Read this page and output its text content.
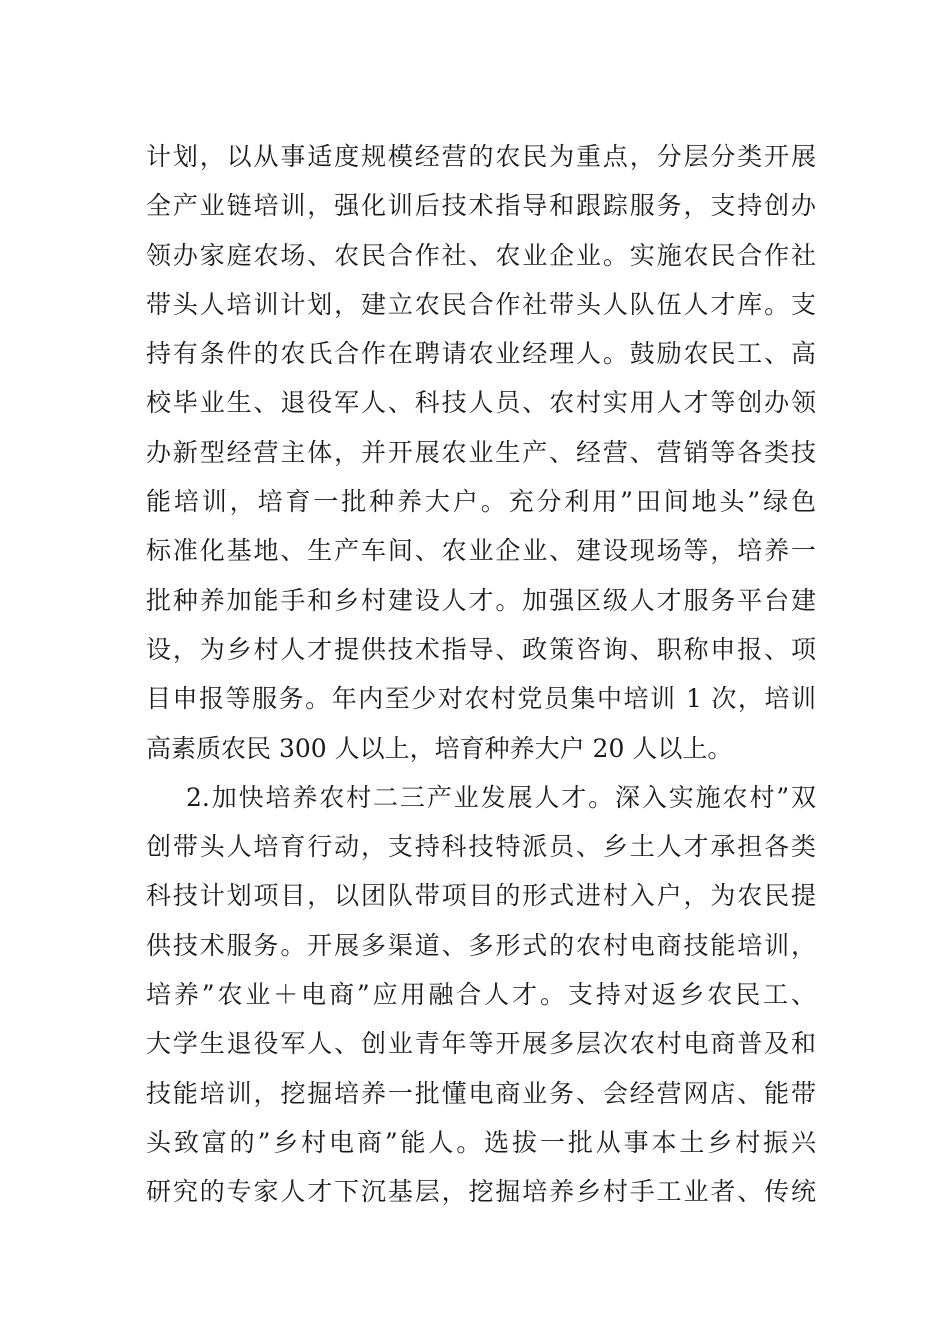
计划，以从事适度规模经营的农民为重点，分层分类开展
全产业链培训，强化训后技术指导和跟踪服务，支持创办
领办家庭农场、农民合作社、农业企业。实施农民合作社
带头人培训计划，建立农民合作社带头人队伍人才库。支
持有条件的农氏合作在聘请农业经理人。鼓励农民工、高
校毕业生、退役军人、科技人员、农村实用人才等创办领
办新型经营主体，并开展农业生产、经营、营销等各类技
能培训，培育一批种养大户。充分利用”田间地头”绿色
标准化基地、生产车间、农业企业、建设现场等，培养一
批种养加能手和乡村建设人才。加强区级人才服务平台建
设，为乡村人才提供技术指导、政策咨询、职称申报、项
目申报等服务。年内至少对农村党员集中培训 1 次，培训
高素质农民 300 人以上，培育种养大户 20 人以上。
2.加快培养农村二三产业发展人才。深入实施农村”双
创带头人培育行动，支持科技特派员、乡土人才承担各类
科技计划项目，以团队带项目的形式进村入户，为农民提
供技术服务。开展多渠道、多形式的农村电商技能培训，
培养”农业＋电商”应用融合人才。支持对返乡农民工、
大学生退役军人、创业青年等开展多层次农村电商普及和
技能培训，挖掘培养一批懂电商业务、会经营网店、能带
头致富的”乡村电商”能人。选拔一批从事本土乡村振兴
研究的专家人才下沉基层，挖掘培养乡村手工业者、传统
